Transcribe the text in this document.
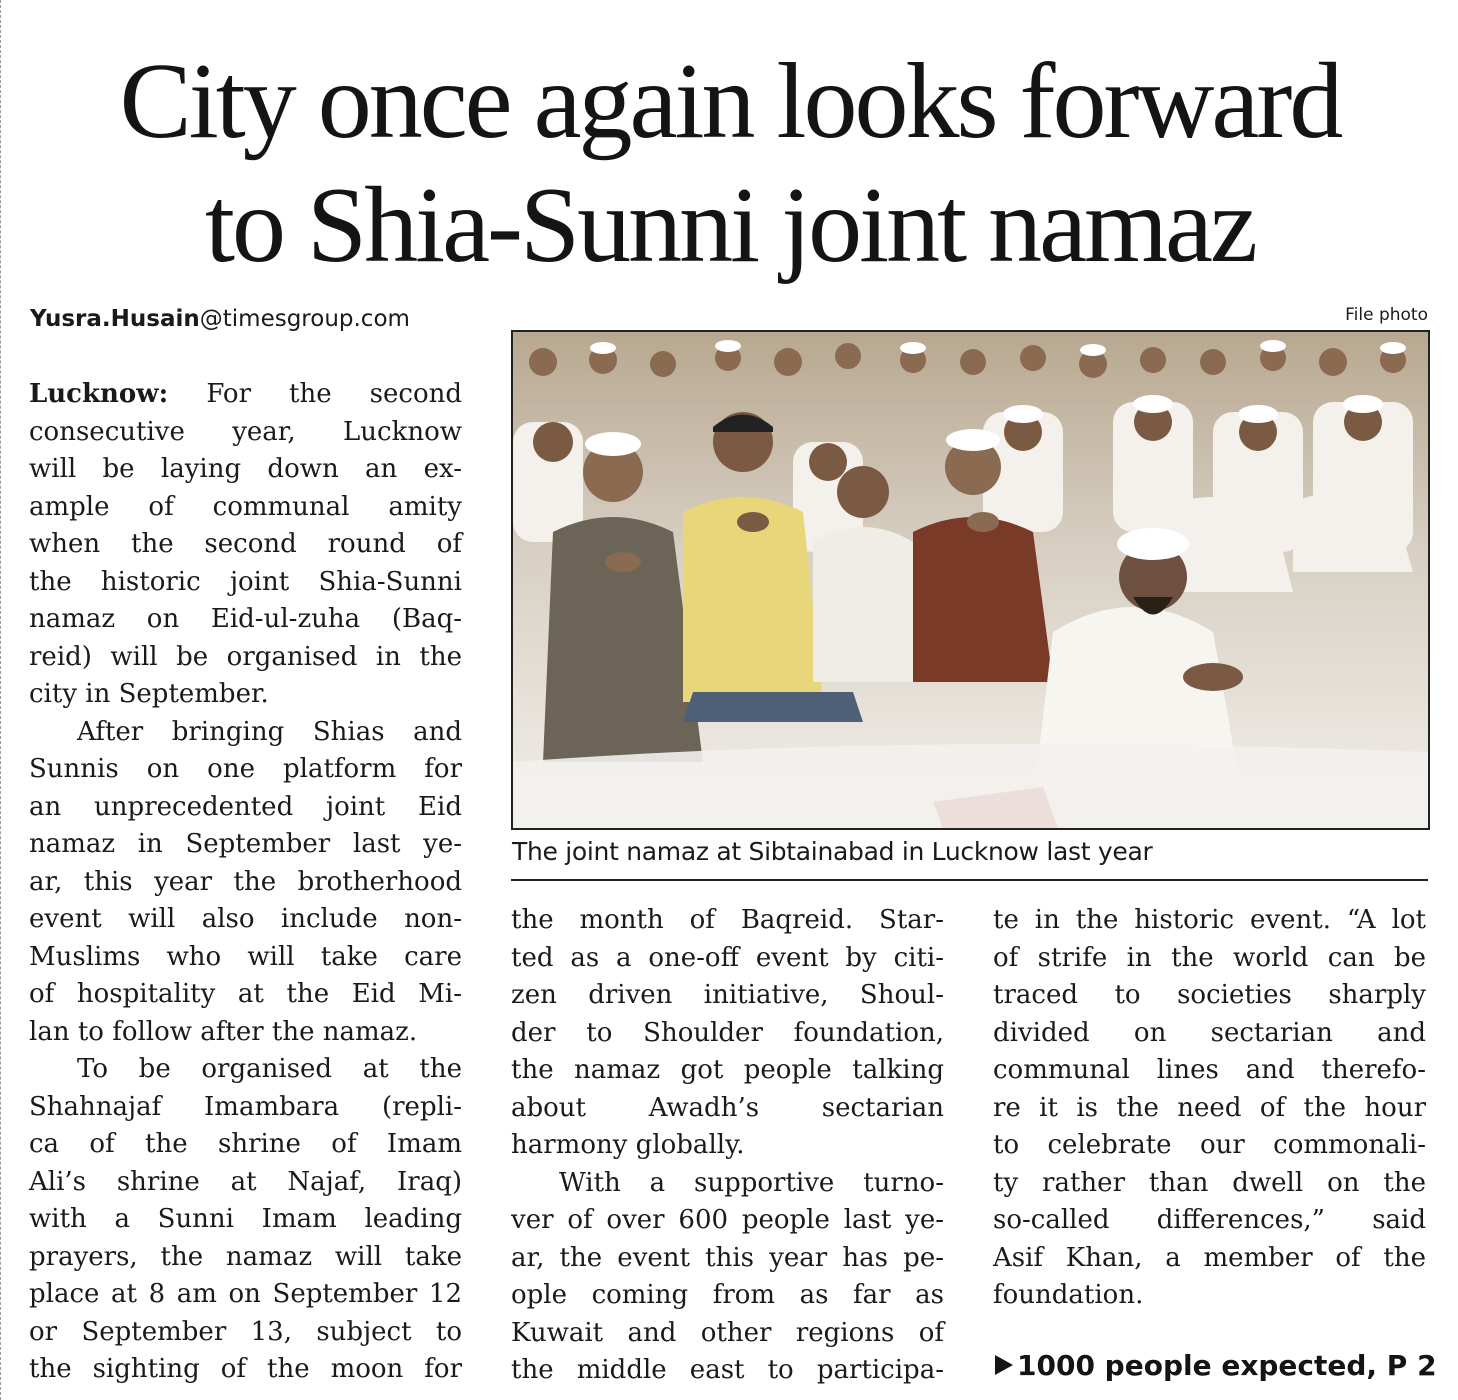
City once again looks forward
to Shia-Sunni joint namaz
Yusra.Husain@timesgroup.com	File photo
The joint namaz at Sibtainabad in Lucknow last year
Lucknow: For the second
consecutive year, Lucknow
will be laying down an ex-
ample of communal amity
when the second round of
the historic joint Shia-Sunni
namaz on Eid-ul-zuha (Baq-
reid) will be organised in the
city in September.
After bringing Shias and
Sunnis on one platform for
an unprecedented joint Eid
namaz in September last ye-
ar, this year the brotherhood
event will also include non-
Muslims who will take care
of hospitality at the Eid Mi-
lan to follow after the namaz.
To be organised at the
Shahnajaf Imambara (repli-
ca of the shrine of Imam
Ali’s shrine at Najaf, Iraq)
with a Sunni Imam leading
prayers, the namaz will take
place at 8 am on September 12
or September 13, subject to
the sighting of the moon for
the month of Baqreid. Star-
ted as a one-off event by citi-
zen driven initiative, Shoul-
der to Shoulder foundation,
the namaz got people talking
about Awadh’s sectarian
harmony globally.
With a supportive turno-
ver of over 600 people last ye-
ar, the event this year has pe-
ople coming from as far as
Kuwait and other regions of
the middle east to participa-
te in the historic event. “A lot
of strife in the world can be
traced to societies sharply
divided on sectarian and
communal lines and therefo-
re it is the need of the hour
to celebrate our commonali-
ty rather than dwell on the
so-called differences,” said
Asif Khan, a member of the
foundation.
1000 people expected, P 2
